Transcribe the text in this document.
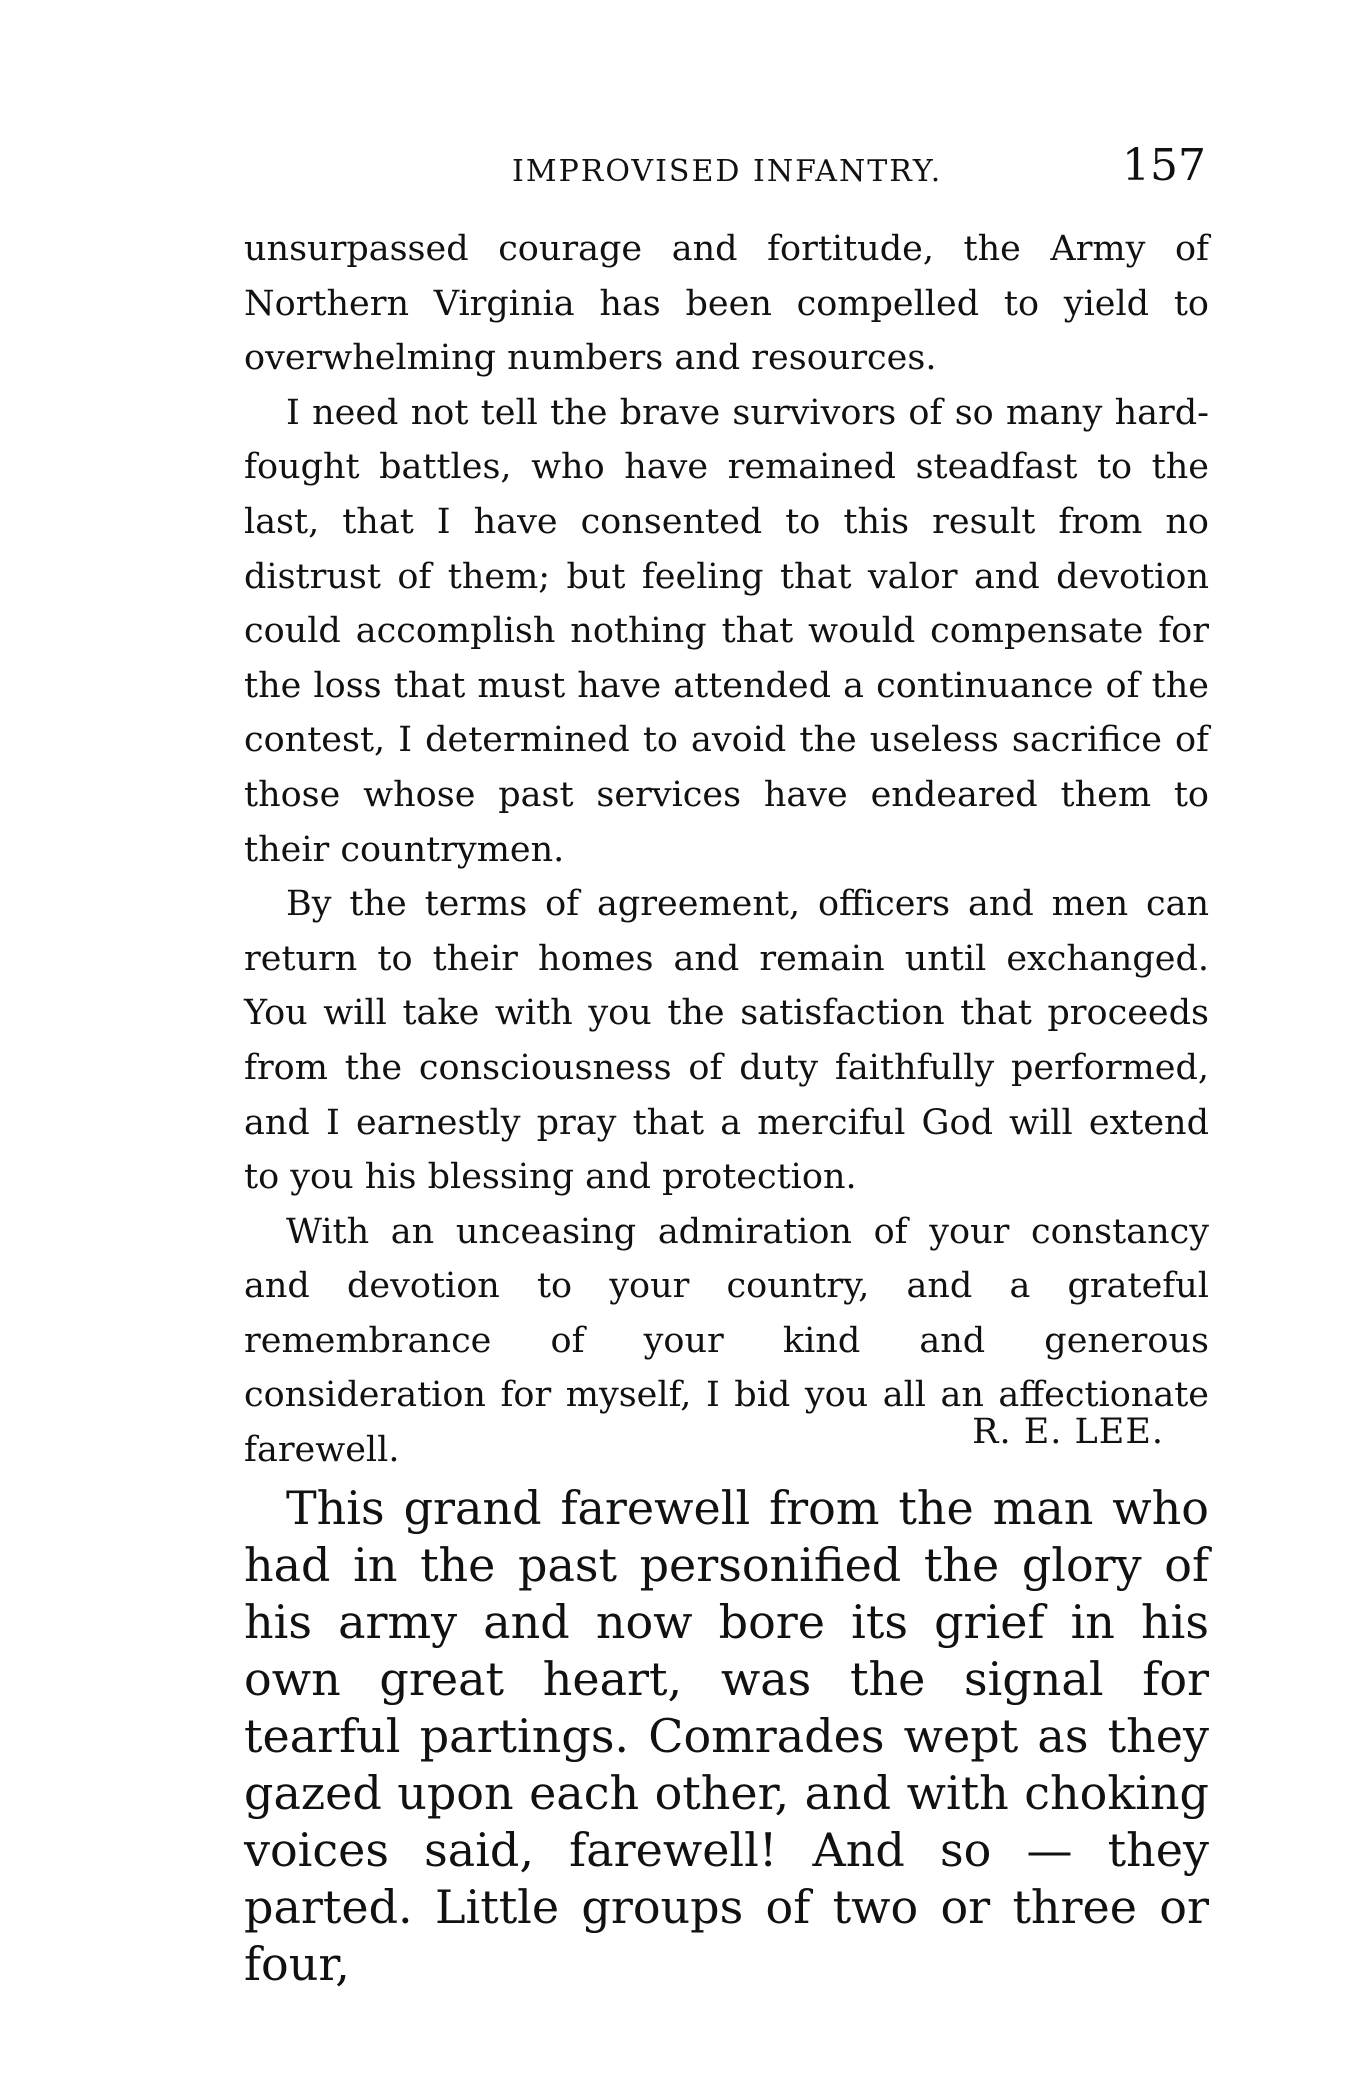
IMPROVISED INFANTRY.	157

unsurpassed courage and fortitude, the Army of Northern Virginia has been compelled to yield to overwhelming numbers and resources.

I need not tell the brave survivors of so many hard-fought battles, who have remained steadfast to the last, that I have consented to this result from no distrust of them; but feeling that valor and devotion could accomplish nothing that would compensate for the loss that must have attended a continuance of the contest, I determined to avoid the useless sacrifice of those whose past services have endeared them to their countrymen.

By the terms of agreement, officers and men can return to their homes and remain until exchanged. You will take with you the satisfaction that proceeds from the consciousness of duty faithfully performed, and I earnestly pray that a merciful God will extend to you his blessing and protection.

With an unceasing admiration of your constancy and devotion to your country, and a grateful remembrance of your kind and generous consideration for myself, I bid you all an affectionate farewell.	R. E. LEE.

This grand farewell from the man who had in the past personified the glory of his army and now bore its grief in his own great heart, was the signal for tearful partings. Comrades wept as they gazed upon each other, and with choking voices said, farewell! And so — they parted. Little groups of two or three or four,
